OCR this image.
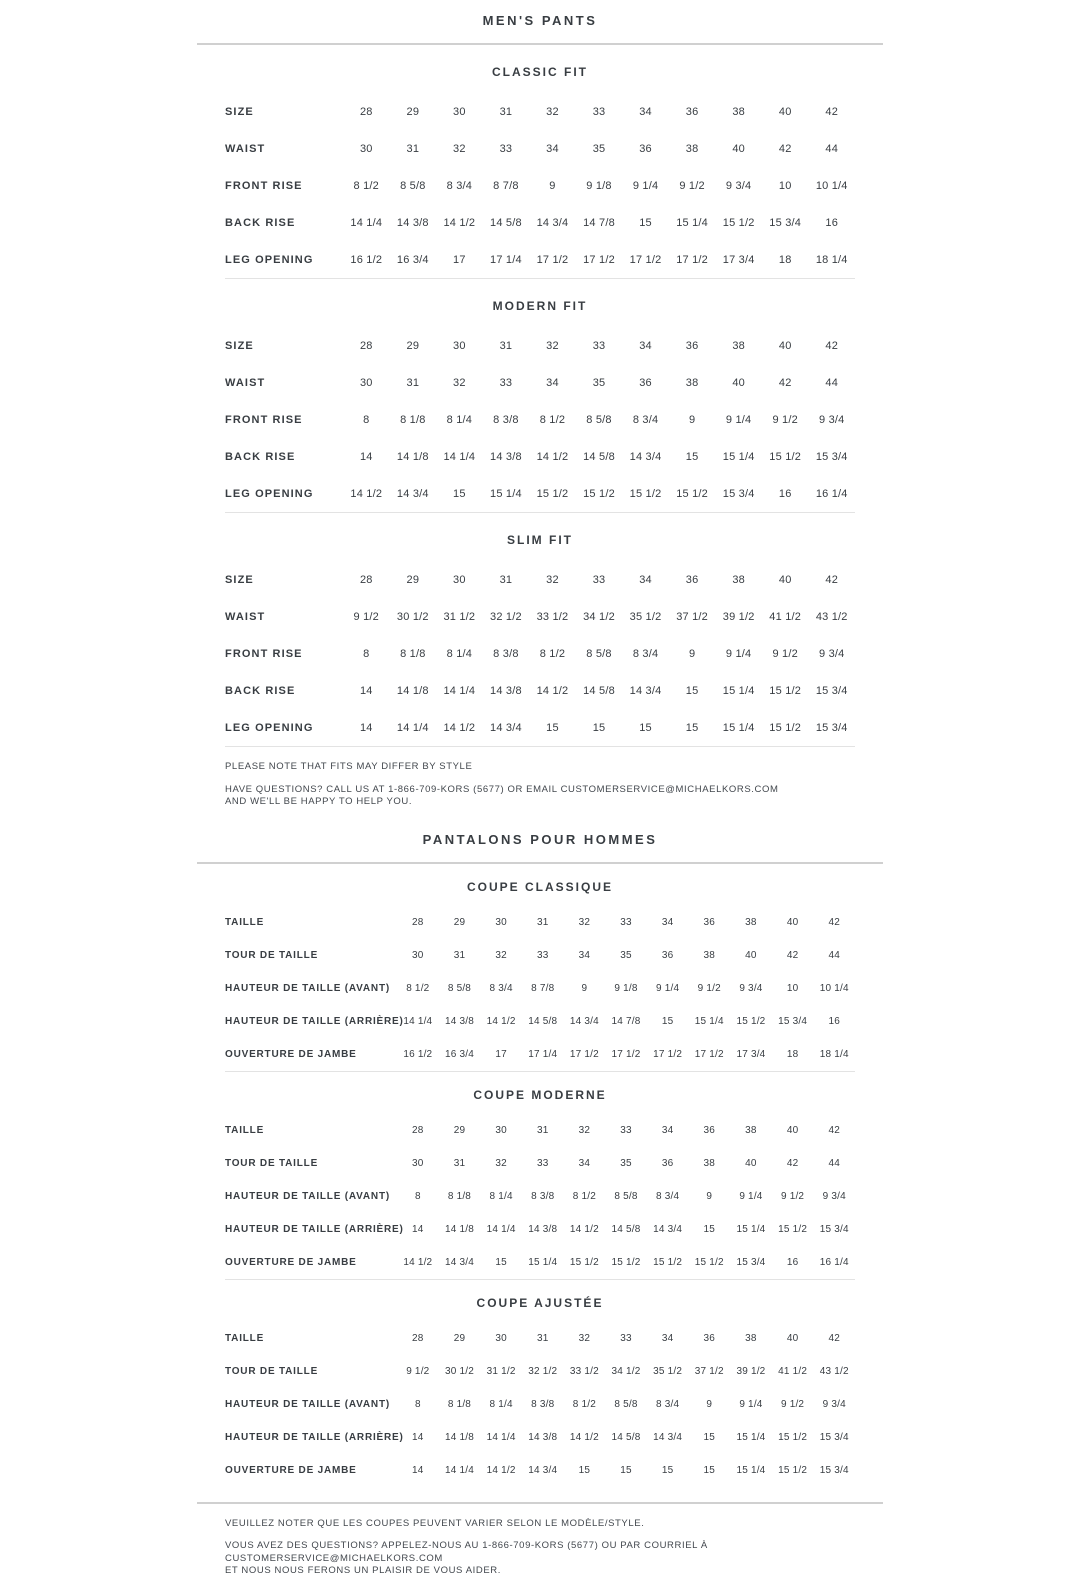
MEN'S PANTS
CLASSIC FIT
SIZE	28	29	30	31	32	33	34	36	38	40	42
WAIST	30	31	32	33	34	35	36	38	40	42	44
FRONT RISE	8 1/2	8 5/8	8 3/4	8 7/8	9	9 1/8	9 1/4	9 1/2	9 3/4	10	10 1/4
BACK RISE	14 1/4	14 3/8	14 1/2	14 5/8	14 3/4	14 7/8	15	15 1/4	15 1/2	15 3/4	16
LEG OPENING	16 1/2	16 3/4	17	17 1/4	17 1/2	17 1/2	17 1/2	17 1/2	17 3/4	18	18 1/4
MODERN FIT
SIZE	28	29	30	31	32	33	34	36	38	40	42
WAIST	30	31	32	33	34	35	36	38	40	42	44
FRONT RISE	8	8 1/8	8 1/4	8 3/8	8 1/2	8 5/8	8 3/4	9	9 1/4	9 1/2	9 3/4
BACK RISE	14	14 1/8	14 1/4	14 3/8	14 1/2	14 5/8	14 3/4	15	15 1/4	15 1/2	15 3/4
LEG OPENING	14 1/2	14 3/4	15	15 1/4	15 1/2	15 1/2	15 1/2	15 1/2	15 3/4	16	16 1/4
SLIM FIT
SIZE	28	29	30	31	32	33	34	36	38	40	42
WAIST	9 1/2	30 1/2	31 1/2	32 1/2	33 1/2	34 1/2	35 1/2	37 1/2	39 1/2	41 1/2	43 1/2
FRONT RISE	8	8 1/8	8 1/4	8 3/8	8 1/2	8 5/8	8 3/4	9	9 1/4	9 1/2	9 3/4
BACK RISE	14	14 1/8	14 1/4	14 3/8	14 1/2	14 5/8	14 3/4	15	15 1/4	15 1/2	15 3/4
LEG OPENING	14	14 1/4	14 1/2	14 3/4	15	15	15	15	15 1/4	15 1/2	15 3/4

PLEASE NOTE THAT FITS MAY DIFFER BY STYLE

HAVE QUESTIONS? CALL US AT 1-866-709-KORS (5677) OR EMAIL CUSTOMERSERVICE@MICHAELKORS.COM
AND WE'LL BE HAPPY TO HELP YOU.

PANTALONS POUR HOMMES
COUPE CLASSIQUE
TAILLE	28	29	30	31	32	33	34	36	38	40	42
TOUR DE TAILLE	30	31	32	33	34	35	36	38	40	42	44
HAUTEUR DE TAILLE (AVANT)	8 1/2	8 5/8	8 3/4	8 7/8	9	9 1/8	9 1/4	9 1/2	9 3/4	10	10 1/4
HAUTEUR DE TAILLE (ARRIÈRE) 14 1/4	14 3/8	14 1/2	14 5/8	14 3/4	14 7/8	15	15 1/4	15 1/2	15 3/4	16
OUVERTURE DE JAMBE	16 1/2	16 3/4	17	17 1/4	17 1/2	17 1/2	17 1/2	17 1/2	17 3/4	18	18 1/4
COUPE MODERNE
TAILLE	28	29	30	31	32	33	34	36	38	40	42
TOUR DE TAILLE	30	31	32	33	34	35	36	38	40	42	44
HAUTEUR DE TAILLE (AVANT)	8	8 1/8	8 1/4	8 3/8	8 1/2	8 5/8	8 3/4	9	9 1/4	9 1/2	9 3/4
HAUTEUR DE TAILLE (ARRIÈRE) 14	14 1/8	14 1/4	14 3/8	14 1/2	14 5/8	14 3/4	15	15 1/4	15 1/2	15 3/4
OUVERTURE DE JAMBE	14 1/2	14 3/4	15	15 1/4	15 1/2	15 1/2	15 1/2	15 1/2	15 3/4	16	16 1/4
COUPE AJUSTÉE
TAILLE	28	29	30	31	32	33	34	36	38	40	42
TOUR DE TAILLE	9 1/2	30 1/2	31 1/2	32 1/2	33 1/2	34 1/2	35 1/2	37 1/2	39 1/2	41 1/2	43 1/2
HAUTEUR DE TAILLE (AVANT)	8	8 1/8	8 1/4	8 3/8	8 1/2	8 5/8	8 3/4	9	9 1/4	9 1/2	9 3/4
HAUTEUR DE TAILLE (ARRIÈRE) 14	14 1/8	14 1/4	14 3/8	14 1/2	14 5/8	14 3/4	15	15 1/4	15 1/2	15 3/4
OUVERTURE DE JAMBE	14	14 1/4	14 1/2	14 3/4	15	15	15	15	15 1/4	15 1/2	15 3/4

VEUILLEZ NOTER QUE LES COUPES PEUVENT VARIER SELON LE MODÈLE/STYLE.

VOUS AVEZ DES QUESTIONS? APPELEZ-NOUS AU 1-866-709-KORS (5677) OU PAR COURRIEL À CUSTOMERSERVICE@MICHAELKORS.COM
ET NOUS NOUS FERONS UN PLAISIR DE VOUS AIDER.
